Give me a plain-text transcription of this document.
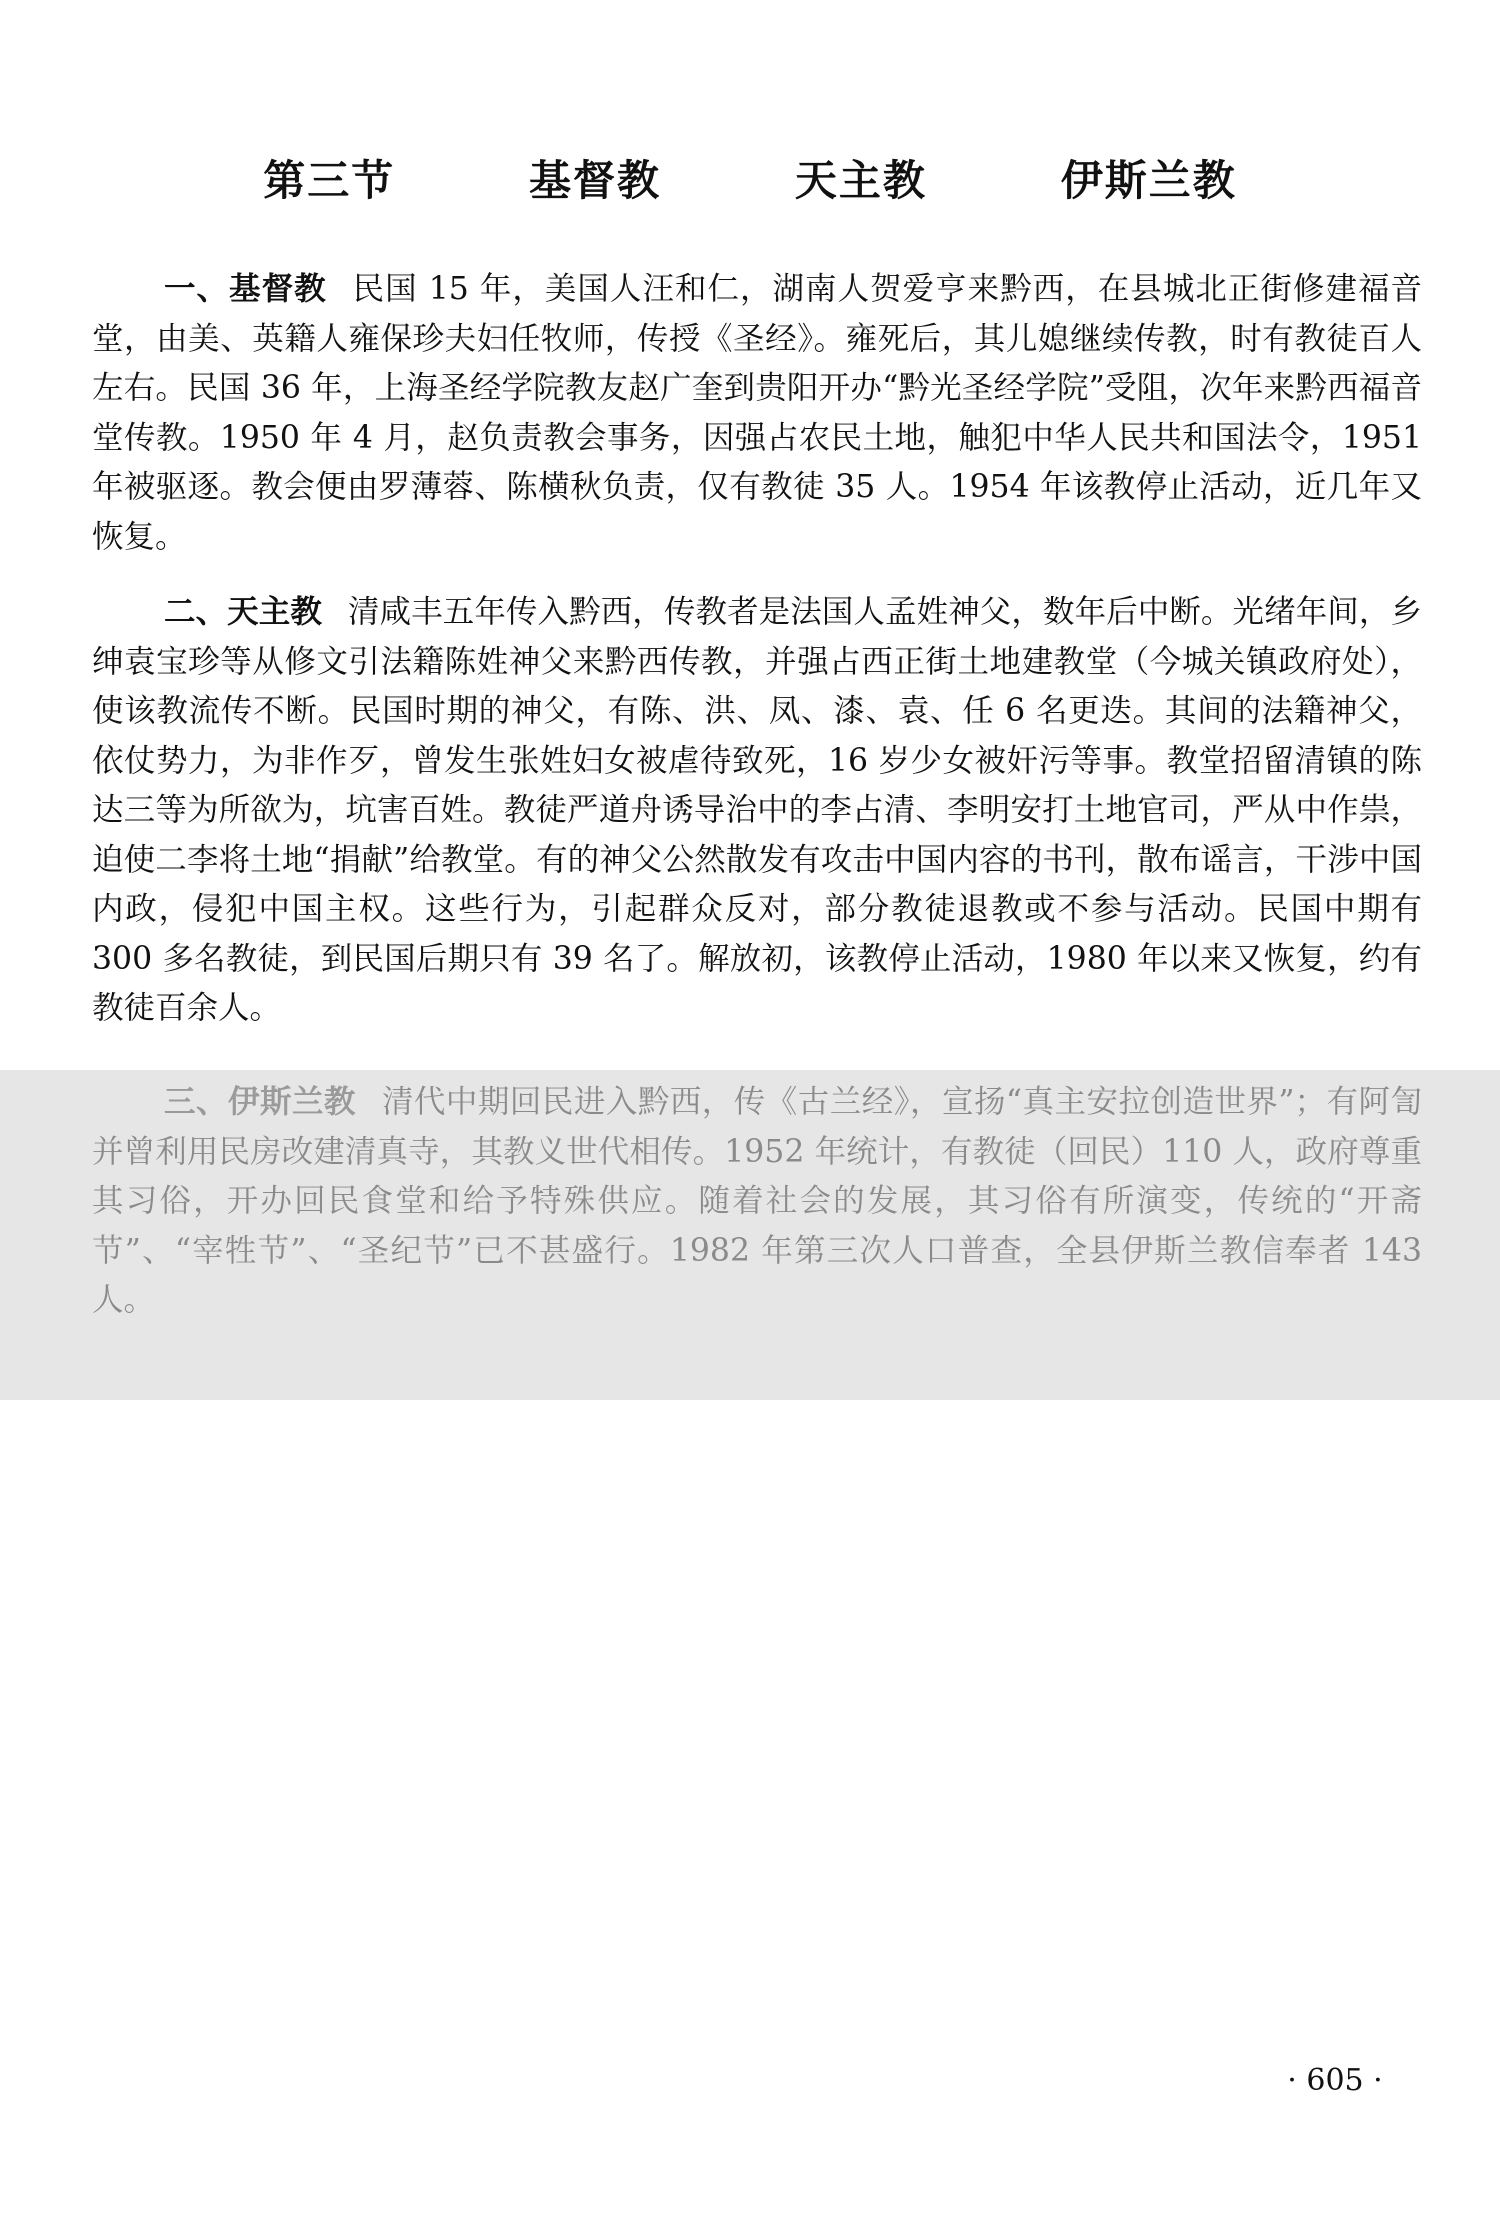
第三节   基督教   天主教   伊斯兰教
一、基督教 民国 15 年，美国人汪和仁，湖南人贺爱亨来黔西，在县城北正街修建福音堂，由美、英籍人雍保珍夫妇任牧师，传授《圣经》。雍死后，其儿媳继续传教，时有教徒百人左右。民国 36 年，上海圣经学院教友赵广奎到贵阳开办“黔光圣经学院”受阻，次年来黔西福音堂传教。1950 年 4 月，赵负责教会事务，因强占农民土地，触犯中华人民共和国法令，1951 年被驱逐。教会便由罗薄蓉、陈横秋负责，仅有教徒 35 人。1954 年该教停止活动，近几年又恢复。
二、天主教 清咸丰五年传入黔西，传教者是法国人孟姓神父，数年后中断。光绪年间，乡绅袁宝珍等从修文引法籍陈姓神父来黔西传教，并强占西正街土地建教堂（今城关镇政府处），使该教流传不断。民国时期的神父，有陈、洪、凤、漆、袁、任 6 名更迭。其间的法籍神父，依仗势力，为非作歹，曾发生张姓妇女被虐待致死，16 岁少女被奸污等事。教堂招留清镇的陈达三等为所欲为，坑害百姓。教徒严道舟诱导治中的李占清、李明安打土地官司，严从中作祟，迫使二李将土地“捐献”给教堂。有的神父公然散发有攻击中国内容的书刊，散布谣言，干涉中国内政，侵犯中国主权。这些行为，引起群众反对，部分教徒退教或不参与活动。民国中期有 300 多名教徒，到民国后期只有 39 名了。解放初，该教停止活动，1980 年以来又恢复，约有教徒百余人。
三、伊斯兰教 清代中期回民进入黔西，传《古兰经》，宣扬“真主安拉创造世界”；有阿訇并曾利用民房改建清真寺，其教义世代相传。1952 年统计，有教徒（回民）110 人，政府尊重其习俗，开办回民食堂和给予特殊供应。随着社会的发展，其习俗有所演变，传统的“开斋节”、“宰牲节”、“圣纪节”已不甚盛行。1982 年第三次人口普查，全县伊斯兰教信奉者 143 人。
· 605 ·
